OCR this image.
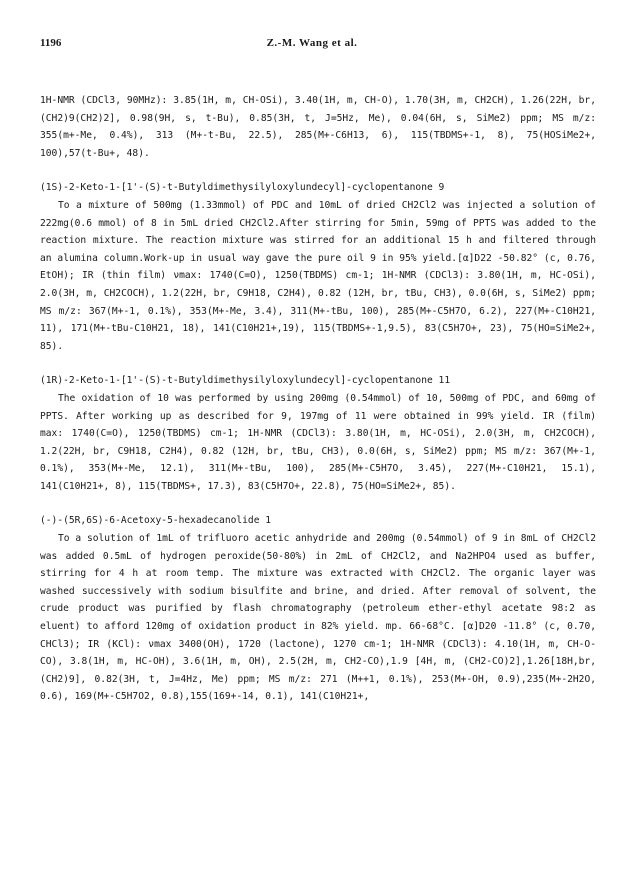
1196	Z.-M. Wang et al.

1H-NMR (CDCl3, 90MHz): 3.85(1H, m, CH-OSi), 3.40(1H, m, CH-O), 1.70(3H, m, CH2CH), 1.26(22H, br,(CH2)9(CH2)2], 0.98(9H, s, t-Bu), 0.85(3H, t, J=5Hz, Me), 0.04(6H, s, SiMe2) ppm; MS m/z: 355(m+-Me, 0.4%), 313 (M+-t-Bu, 22.5), 285(M+-C6H13, 6), 115(TBDMS+-1, 8), 75(HOSiMe2+, 100),57(t-Bu+, 48).

(1S)-2-Keto-1-[1'-(S)-t-Butyldimethysilyloxylundecyl]-cyclopentanone 9

To a mixture of 500mg (1.33mmol) of PDC and 10mL of dried CH2Cl2 was injected a solution of 222mg(0.6 mmol) of 8 in 5mL dried CH2Cl2.After stirring for 5min, 59mg of PPTS was added to the reaction mixture. The reaction mixture was stirred for an additional 15 h and filtered through an alumina column.Work-up in usual way gave the pure oil 9 in 95% yield.[α]D22 -50.82° (c, 0.76, EtOH); IR (thin film) νmax: 1740(C=O), 1250(TBDMS) cm-1; 1H-NMR (CDCl3): 3.80(1H, m, HC-OSi), 2.0(3H, m, CH2COCH), 1.2(22H, br, C9H18, C2H4), 0.82 (12H, br, tBu, CH3), 0.0(6H, s, SiMe2) ppm; MS m/z: 367(M+-1, 0.1%), 353(M+-Me, 3.4), 311(M+-tBu, 100), 285(M+-C5H7O, 6.2), 227(M+-C10H21, 11), 171(M+-tBu-C10H21, 18), 141(C10H21+,19), 115(TBDMS+-1,9.5), 83(C5H7O+, 23), 75(HO=SiMe2+, 85).

(1R)-2-Keto-1-[1'-(S)-t-Butyldimethysilyloxylundecyl]-cyclopentanone 11

The oxidation of 10 was performed by using 200mg (0.54mmol) of 10, 500mg of PDC, and 60mg of PPTS. After working up as described for 9, 197mg of 11 were obtained in 99% yield. IR (film) max: 1740(C=O), 1250(TBDMS) cm-1; 1H-NMR (CDCl3): 3.80(1H, m, HC-OSi), 2.0(3H, m, CH2COCH), 1.2(22H, br, C9H18, C2H4), 0.82 (12H, br, tBu, CH3), 0.0(6H, s, SiMe2) ppm; MS m/z: 367(M+-1, 0.1%), 353(M+-Me, 12.1), 311(M+-tBu, 100), 285(M+-C5H7O, 3.45), 227(M+-C10H21, 15.1), 141(C10H21+, 8), 115(TBDMS+, 17.3), 83(C5H7O+, 22.8), 75(HO=SiMe2+, 85).

(-)-(5R,6S)-6-Acetoxy-5-hexadecanolide 1

To a solution of 1mL of trifluoro acetic anhydride and 200mg (0.54mmol) of 9 in 8mL of CH2Cl2 was added 0.5mL of hydrogen peroxide(50-80%) in 2mL of CH2Cl2, and Na2HPO4 used as buffer, stirring for 4 h at room temp. The mixture was extracted with CH2Cl2. The organic layer was washed successively with sodium bisulfite and brine, and dried. After removal of solvent, the crude product was purified by flash chromatography (petroleum ether-ethyl acetate 98:2 as eluent) to afford 120mg of oxidation product in 82% yield. mp. 66-68°C. [α]D20 -11.8° (c, 0.70, CHCl3); IR (KCl): νmax 3400(OH), 1720 (lactone), 1270 cm-1; 1H-NMR (CDCl3): 4.10(1H, m, CH-O-CO), 3.8(1H, m, HC-OH), 3.6(1H, m, OH), 2.5(2H, m, CH2-CO),1.9 [4H, m, (CH2-CO)2],1.26[18H,br,(CH2)9], 0.82(3H, t, J=4Hz, Me) ppm; MS m/z: 271 (M++1, 0.1%), 253(M+-OH, 0.9),235(M+-2H2O, 0.6), 169(M+-C5H7O2, 0.8),155(169+-14, 0.1), 141(C10H21+,
